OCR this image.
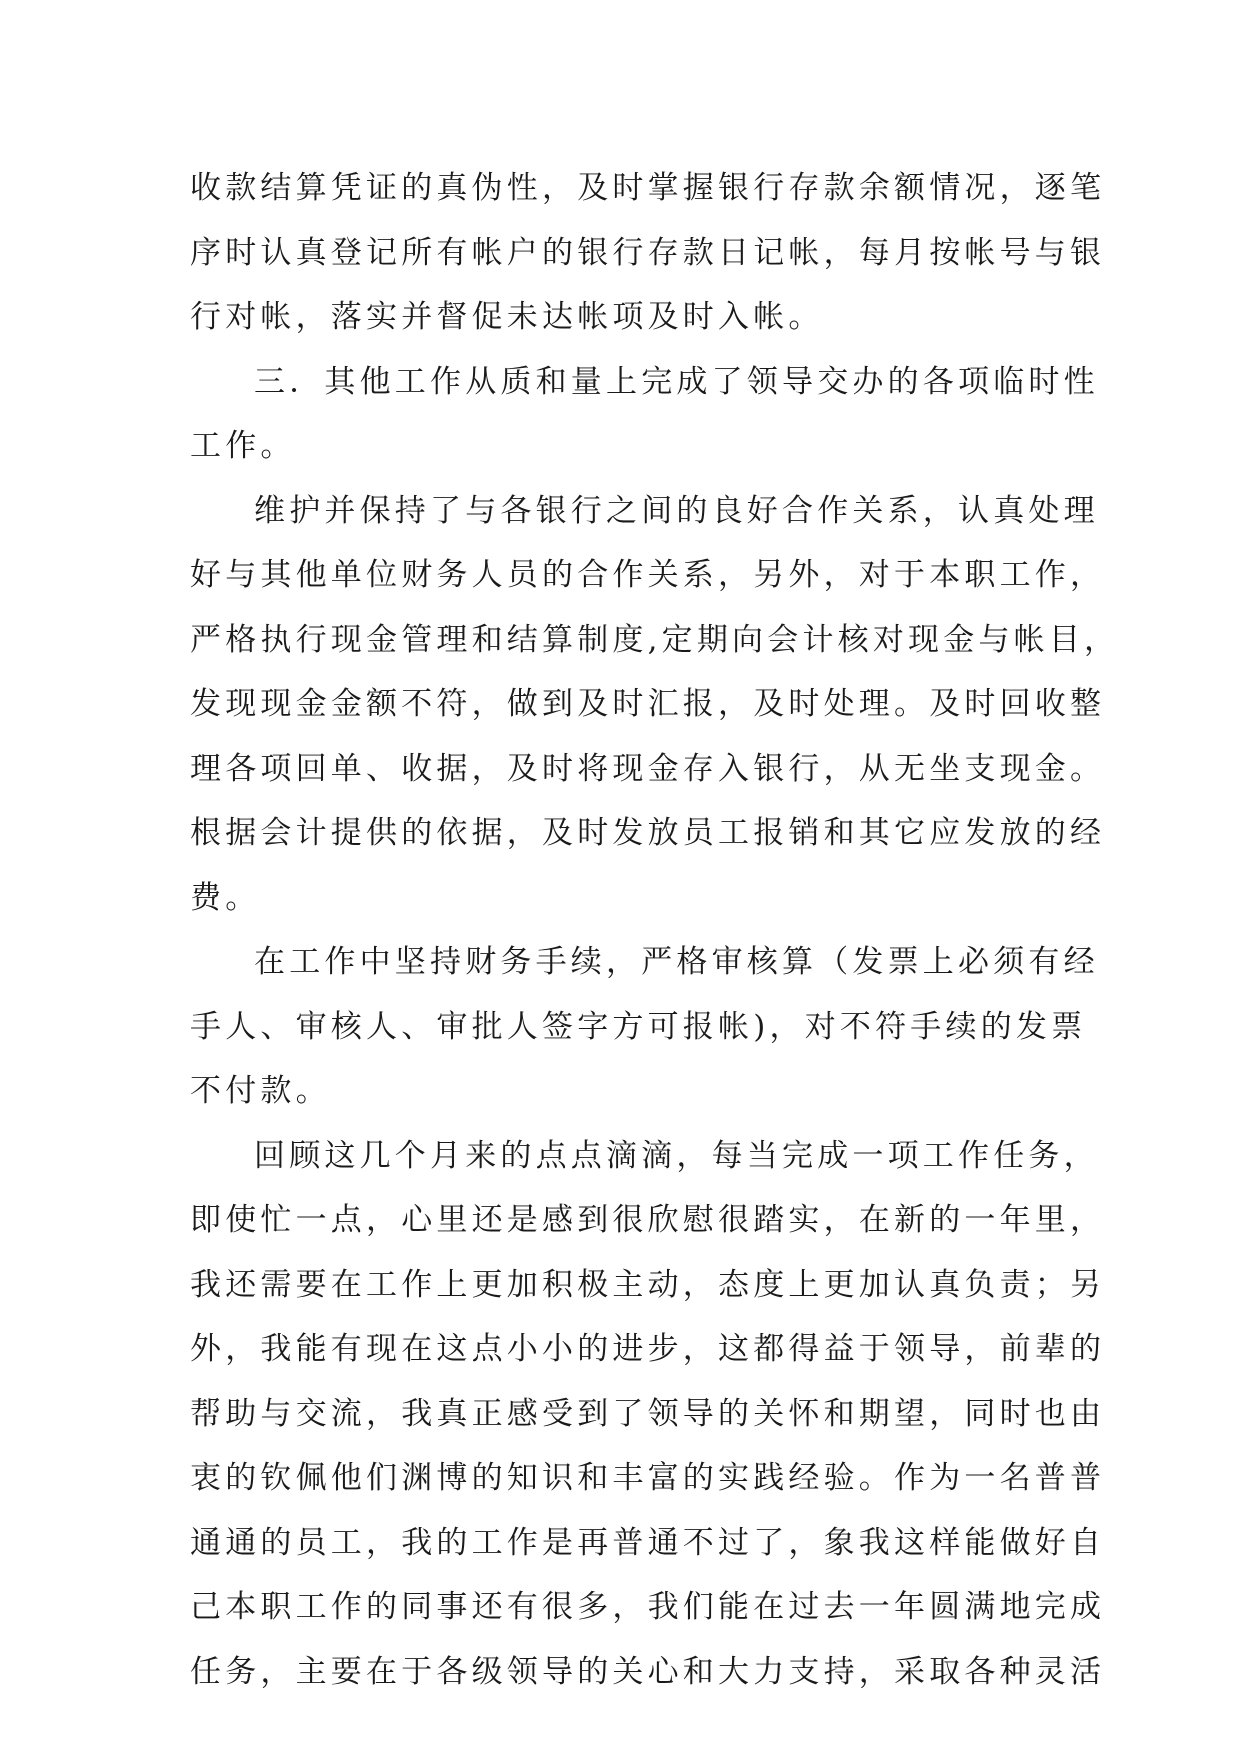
收款结算凭证的真伪性，及时掌握银行存款余额情况，逐笔
序时认真登记所有帐户的银行存款日记帐，每月按帐号与银
行对帐，落实并督促未达帐项及时入帐。
三．其他工作从质和量上完成了领导交办的各项临时性
工作。
维护并保持了与各银行之间的良好合作关系，认真处理
好与其他单位财务人员的合作关系，另外，对于本职工作，
严格执行现金管理和结算制度,定期向会计核对现金与帐目，
发现现金金额不符，做到及时汇报，及时处理。及时回收整
理各项回单、收据，及时将现金存入银行，从无坐支现金。
根据会计提供的依据，及时发放员工报销和其它应发放的经
费。
在工作中坚持财务手续，严格审核算（发票上必须有经
手人、审核人、审批人签字方可报帐)，对不符手续的发票
不付款。
回顾这几个月来的点点滴滴，每当完成一项工作任务，
即使忙一点，心里还是感到很欣慰很踏实，在新的一年里，
我还需要在工作上更加积极主动，态度上更加认真负责；另
外，我能有现在这点小小的进步，这都得益于领导，前辈的
帮助与交流，我真正感受到了领导的关怀和期望，同时也由
衷的钦佩他们渊博的知识和丰富的实践经验。作为一名普普
通通的员工，我的工作是再普通不过了，象我这样能做好自
己本职工作的同事还有很多，我们能在过去一年圆满地完成
任务，主要在于各级领导的关心和大力支持，采取各种灵活
